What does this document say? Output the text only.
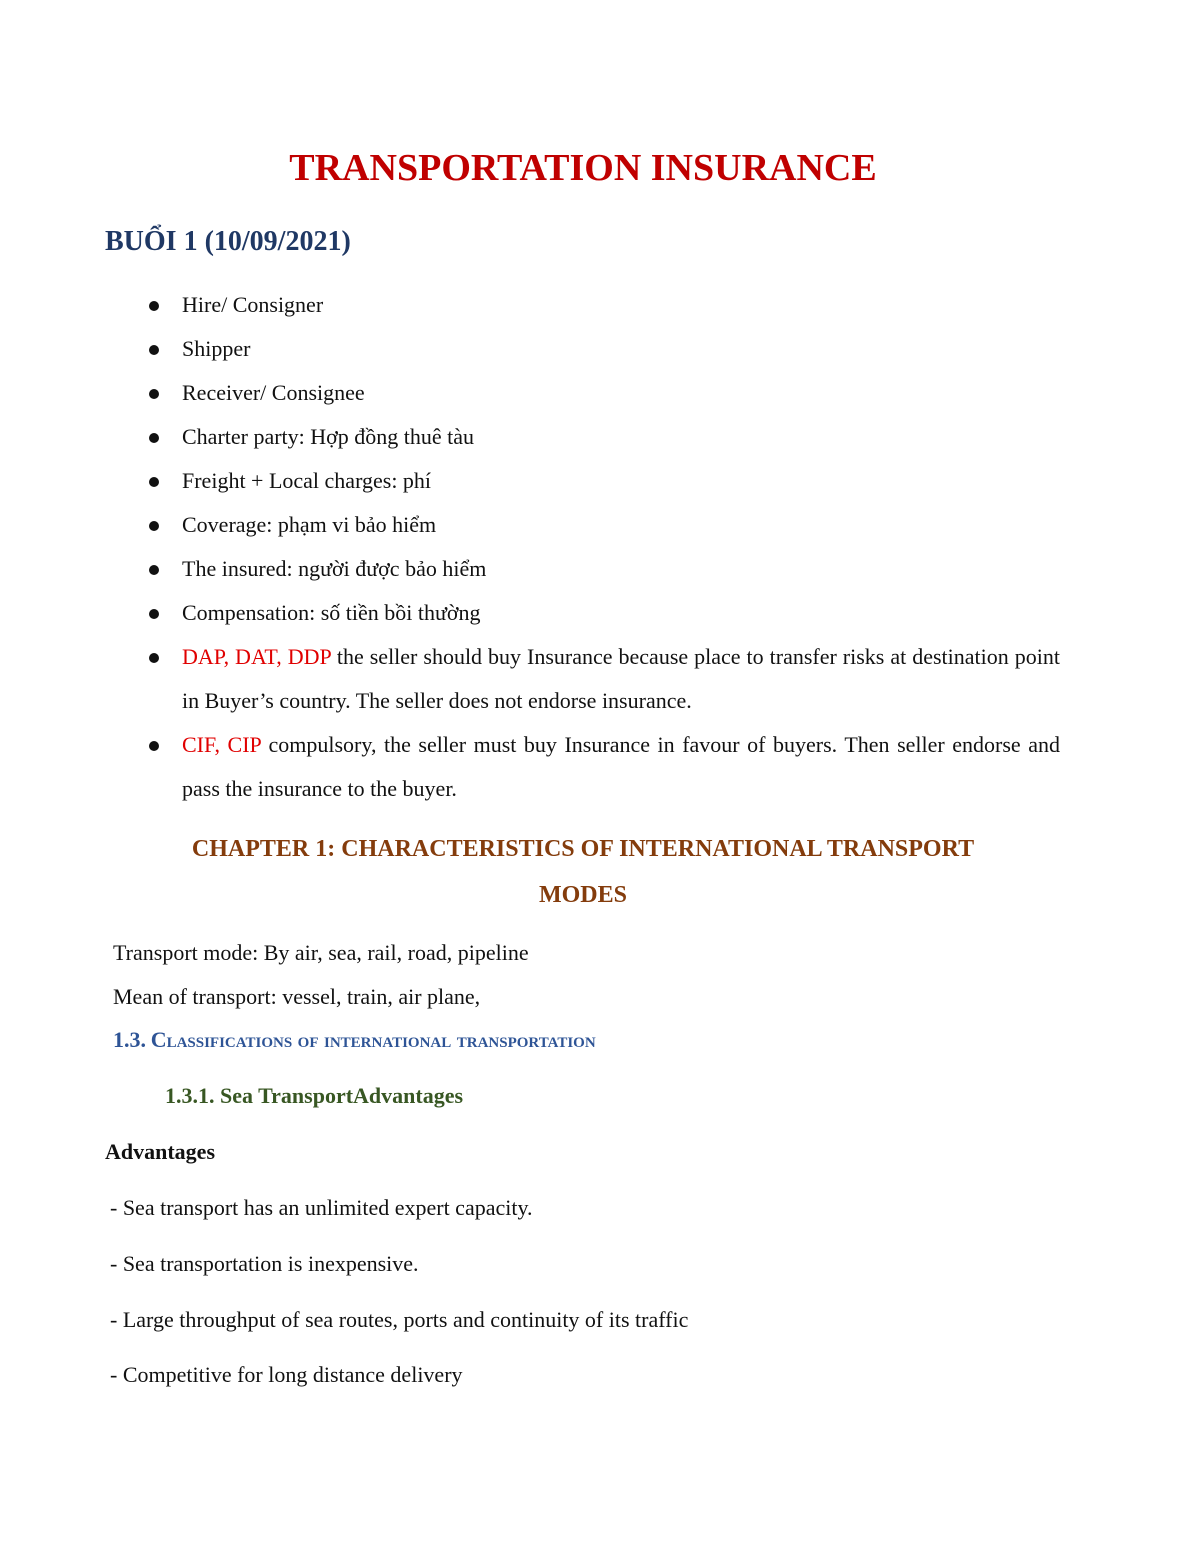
TRANSPORTATION INSURANCE
BUỔI 1 (10/09/2021)
Hire/ Consigner
Shipper
Receiver/ Consignee
Charter party: Hợp đồng thuê tàu
Freight + Local charges: phí
Coverage: phạm vi bảo hiểm
The insured: người được bảo hiểm
Compensation: số tiền bồi thường
DAP, DAT, DDP the seller should buy Insurance because place to transfer risks at destination point in Buyer’s country. The seller does not endorse insurance.
CIF, CIP compulsory, the seller must buy Insurance in favour of buyers. Then seller endorse and pass the insurance to the buyer.
CHAPTER 1: CHARACTERISTICS OF INTERNATIONAL TRANSPORT
MODES

Transport mode: By air, sea, rail, road, pipeline

Mean of transport: vessel, train, air plane,

1.3. Classifications of international transportation
1.3.1. Sea TransportAdvantages

Advantages

- Sea transport has an unlimited expert capacity.

- Sea transportation is inexpensive.

- Large throughput of sea routes, ports and continuity of its traffic

- Competitive for long distance delivery
